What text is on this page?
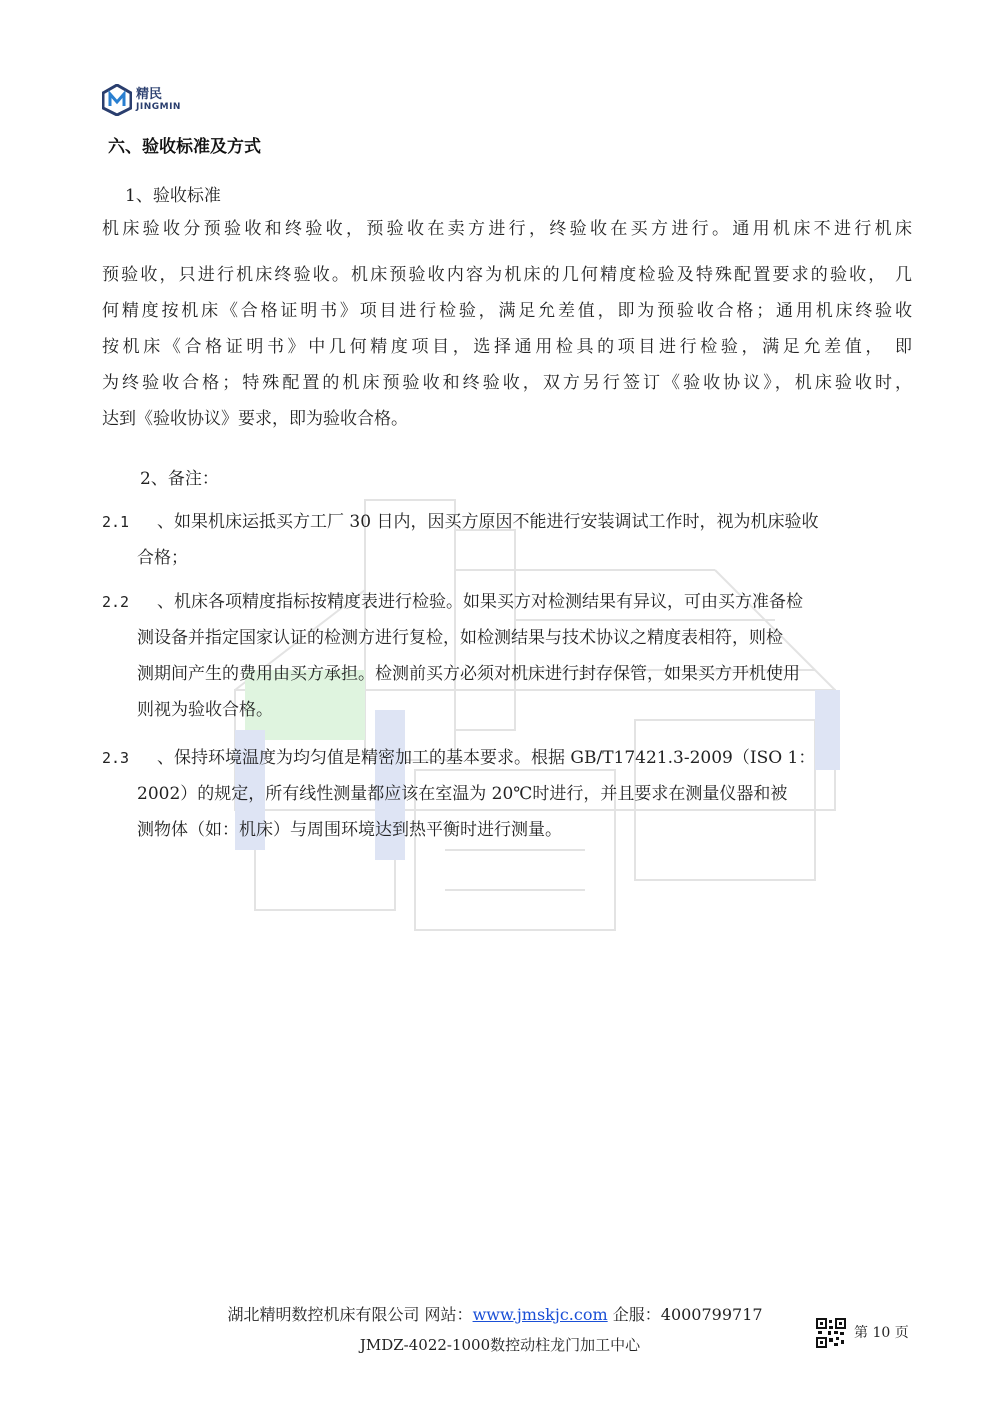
精民
JINGMIN
六、验收标准及方式
1、验收标准
机床验收分预验收和终验收，预验收在卖方进行，终验收在买方进行。通用机床不进行机床
预验收，只进行机床终验收。机床预验收内容为机床的几何精度检验及特殊配置要求的验收， 几
何精度按机床《合格证明书》项目进行检验，满足允差值，即为预验收合格；通用机床终验收
按机床《合格证明书》中几何精度项目，选择通用检具的项目进行检验，满足允差值， 即
为终验收合格；特殊配置的机床预验收和终验收，双方另行签订《验收协议》，机床验收时，
达到《验收协议》要求，即为验收合格。
2、备注：
2.1 、如果机床运抵买方工厂 30 日内，因买方原因不能进行安装调试工作时，视为机床验收
合格；
2.2 、机床各项精度指标按精度表进行检验。如果买方对检测结果有异议，可由买方准备检
测设备并指定国家认证的检测方进行复检，如检测结果与技术协议之精度表相符，则检
测期间产生的费用由买方承担。检测前买方必须对机床进行封存保管，如果买方开机使用
则视为验收合格。
2.3 、保持环境温度为均匀值是精密加工的基本要求。根据 GB/T17421.3-2009（ISO 1：
2002）的规定，所有线性测量都应该在室温为 20℃时进行，并且要求在测量仪器和被
测物体（如：机床）与周围环境达到热平衡时进行测量。
湖北精明数控机床有限公司 网站：www.jmskjc.com 企服：4000799717
JMDZ-4022-1000数控动柱龙门加工中心
第 10 页
